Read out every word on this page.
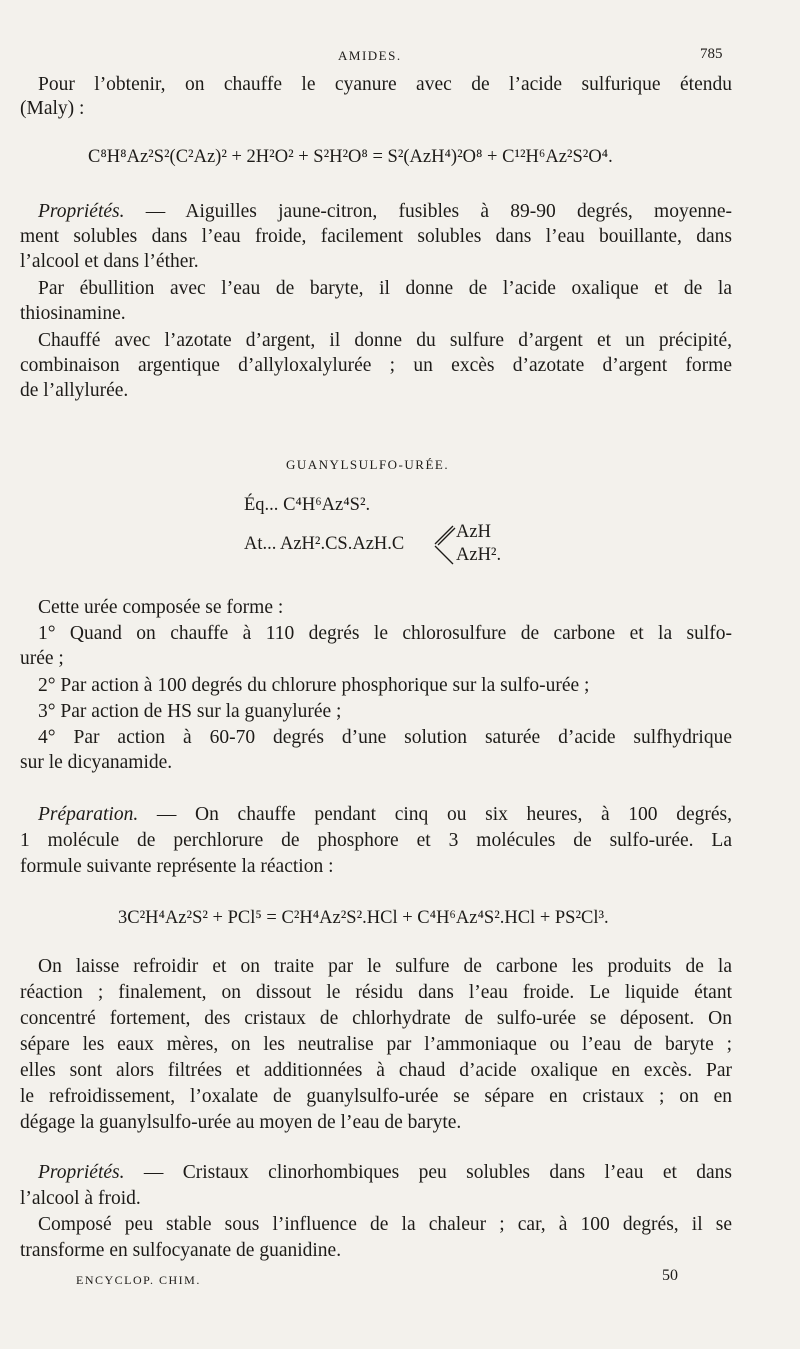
AMIDES.	785
Pour l’obtenir, on chauffe le cyanure avec de l’acide sulfurique étendu
(Maly) :
C⁸H⁸Az²S²(C²Az)² + 2H²O² + S²H²O⁸ = S²(AzH⁴)²O⁸ + C¹²H⁶Az²S²O⁴.
Propriétés. — Aiguilles jaune-citron, fusibles à 89-90 degrés, moyenne-
ment solubles dans l’eau froide, facilement solubles dans l’eau bouillante, dans
l’alcool et dans l’éther.
Par ébullition avec l’eau de baryte, il donne de l’acide oxalique et de la
thiosinamine.
Chauffé avec l’azotate d’argent, il donne du sulfure d’argent et un précipité,
combinaison argentique d’allyloxalylurée ; un excès d’azotate d’argent forme
de l’allylurée.
GUANYLSULFO-URÉE.
Éq... C⁴H⁶Az⁴S².
At... AzH².CS.AzH.C
AzH
AzH².
Cette urée composée se forme :
1° Quand on chauffe à 110 degrés le chlorosulfure de carbone et la sulfo-
urée ;
2° Par action à 100 degrés du chlorure phosphorique sur la sulfo-urée ;
3° Par action de HS sur la guanylurée ;
4° Par action à 60-70 degrés d’une solution saturée d’acide sulfhydrique
sur le dicyanamide.
Préparation. — On chauffe pendant cinq ou six heures, à 100 degrés,
1 molécule de perchlorure de phosphore et 3 molécules de sulfo-urée. La
formule suivante représente la réaction :
3C²H⁴Az²S² + PCl⁵ = C²H⁴Az²S².HCl + C⁴H⁶Az⁴S².HCl + PS²Cl³.
On laisse refroidir et on traite par le sulfure de carbone les produits de la
réaction ; finalement, on dissout le résidu dans l’eau froide. Le liquide étant
concentré fortement, des cristaux de chlorhydrate de sulfo-urée se déposent. On
sépare les eaux mères, on les neutralise par l’ammoniaque ou l’eau de baryte ;
elles sont alors filtrées et additionnées à chaud d’acide oxalique en excès. Par
le refroidissement, l’oxalate de guanylsulfo-urée se sépare en cristaux ; on en
dégage la guanylsulfo-urée au moyen de l’eau de baryte.
Propriétés. — Cristaux clinorhombiques peu solubles dans l’eau et dans
l’alcool à froid.
Composé peu stable sous l’influence de la chaleur ; car, à 100 degrés, il se
transforme en sulfocyanate de guanidine.
ENCYCLOP. CHIM.	50
